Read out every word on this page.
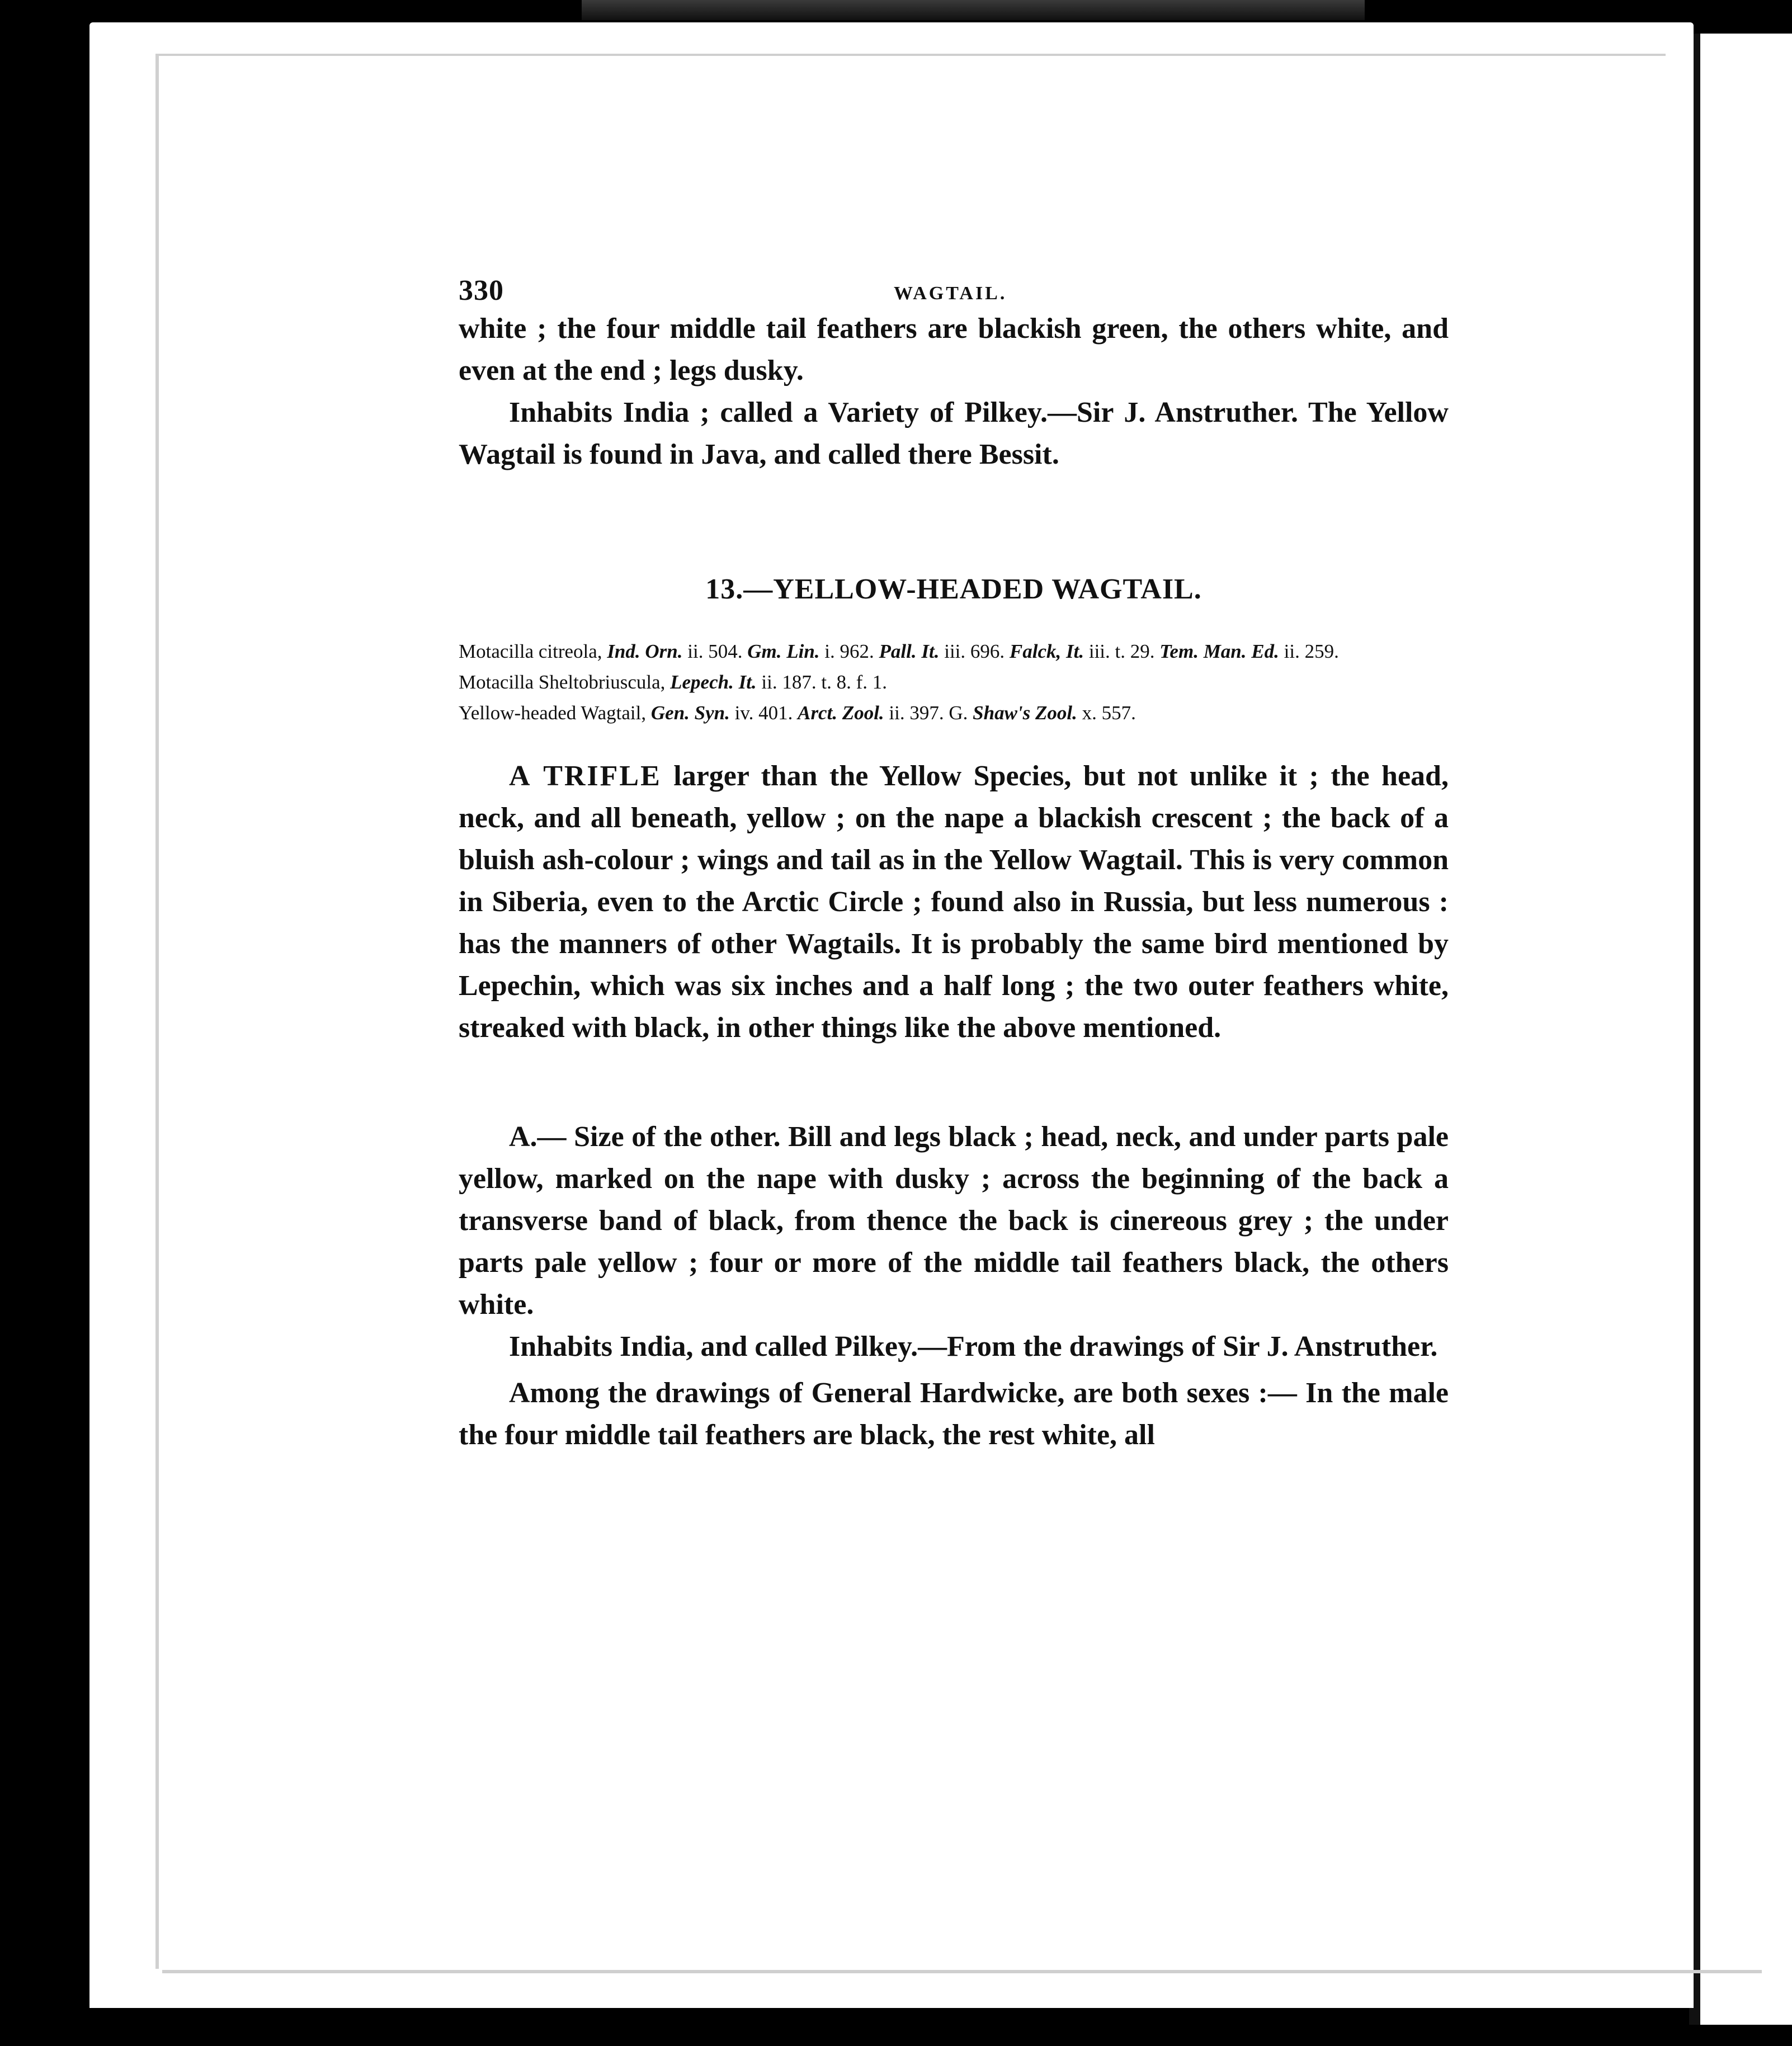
330	WAGTAIL.

white ; the four middle tail feathers are blackish green, the others white, and even at the end ; legs dusky.

Inhabits India ; called a Variety of Pilkey.—Sir J. Anstruther. The Yellow Wagtail is found in Java, and called there Bessit.

13.—YELLOW-HEADED WAGTAIL.

Motacilla citreola, Ind. Orn. ii. 504. Gm. Lin. i. 962. Pall. It. iii. 696. Falck, It. iii. t. 29. Tem. Man. Ed. ii. 259.

Motacilla Sheltobriuscula, Lepech. It. ii. 187. t. 8. f. 1.

Yellow-headed Wagtail, Gen. Syn. iv. 401. Arct. Zool. ii. 397. G. Shaw's Zool. x. 557.

A TRIFLE larger than the Yellow Species, but not unlike it ; the head, neck, and all beneath, yellow ; on the nape a blackish crescent ; the back of a bluish ash-colour ; wings and tail as in the Yellow Wagtail. This is very common in Siberia, even to the Arctic Circle ; found also in Russia, but less numerous : has the manners of other Wagtails. It is probably the same bird mentioned by Lepechin, which was six inches and a half long ; the two outer feathers white, streaked with black, in other things like the above mentioned.

A.— Size of the other. Bill and legs black ; head, neck, and under parts pale yellow, marked on the nape with dusky ; across the beginning of the back a transverse band of black, from thence the back is cinereous grey ; the under parts pale yellow ; four or more of the middle tail feathers black, the others white.

Inhabits India, and called Pilkey.—From the drawings of Sir J. Anstruther.

Among the drawings of General Hardwicke, are both sexes :— In the male the four middle tail feathers are black, the rest white, all
